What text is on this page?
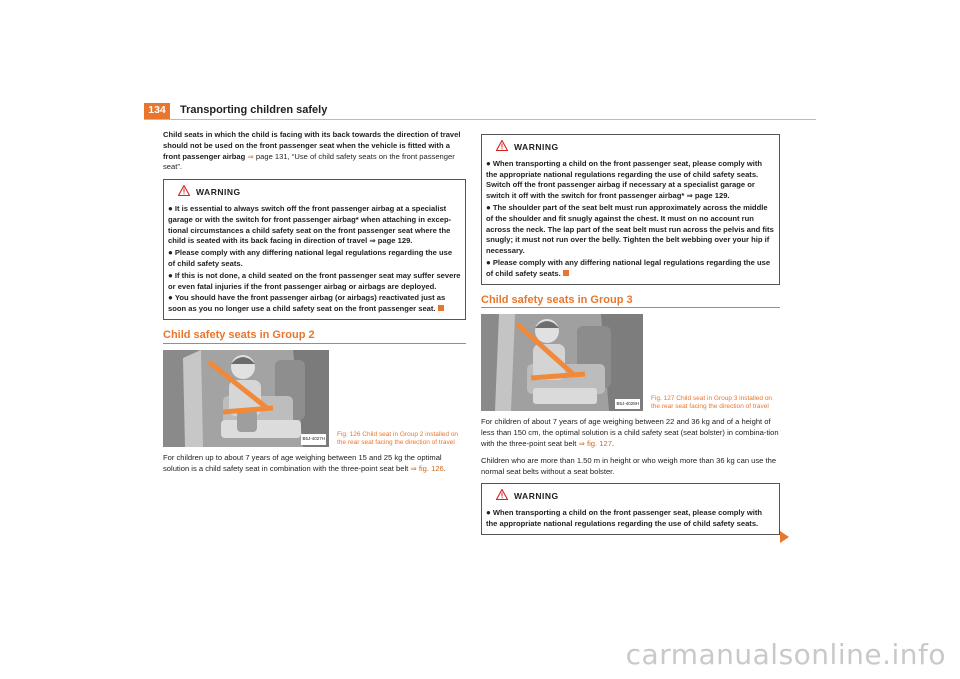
134	Transporting children safely

Child seats in which the child is facing with its back towards the direction of travel should not be used on the front passenger seat when the vehicle is fitted with a front passenger airbag ⇒ page 131, “Use of child safety seats on the front passenger seat”.

WARNING

● It is essential to always switch off the front passenger airbag at a specialist garage or with the switch for front passenger airbag* when attaching in excep-tional circumstances a child safety seat on the front passenger seat where the child is seated with its back facing in direction of travel ⇒ page 129.

● Please comply with any differing national legal regulations regarding the use of child safety seats.

● If this is not done, a child seated on the front passenger seat may suffer severe or even fatal injuries if the front passenger airbag or airbags are deployed.

● You should have the front passenger airbag (or airbags) reactivated just as soon as you no longer use a child safety seat on the front passenger seat.

Child safety seats in Group 2
B5J-4027H
Fig. 126 Child seat in Group 2 installed on the rear seat facing the direction of travel

For children up to about 7 years of age weighing between 15 and 25 kg the optimal solution is a child safety seat in combination with the three-point seat belt ⇒ fig. 126.

WARNING

● When transporting a child on the front passenger seat, please comply with the appropriate national regulations regarding the use of child safety seats. Switch off the front passenger airbag if necessary at a specialist garage or switch it off with the switch for front passenger airbag* ⇒ page 129.

● The shoulder part of the seat belt must run approximately across the middle of the shoulder and fit snugly against the chest. It must on no account run across the neck. The lap part of the seat belt must run across the pelvis and fits snugly; it must not run over the belly. Tighten the belt webbing over your hip if necessary.

● Please comply with any differing national legal regulations regarding the use of child safety seats.

Child safety seats in Group 3
B5J-4028H
Fig. 127 Child seat in Group 3 installed on the rear seat facing the direction of travel

For children of about 7 years of age weighing between 22 and 36 kg and of a height of less than 150 cm, the optimal solution is a child safety seat (seat bolster) in combina-tion with the three-point seat belt ⇒ fig. 127.

Children who are more than 1.50 m in height or who weigh more than 36 kg can use the normal seat belts without a seat bolster.

WARNING

● When transporting a child on the front passenger seat, please comply with the appropriate national regulations regarding the use of child safety seats.

carmanualsonline.info
